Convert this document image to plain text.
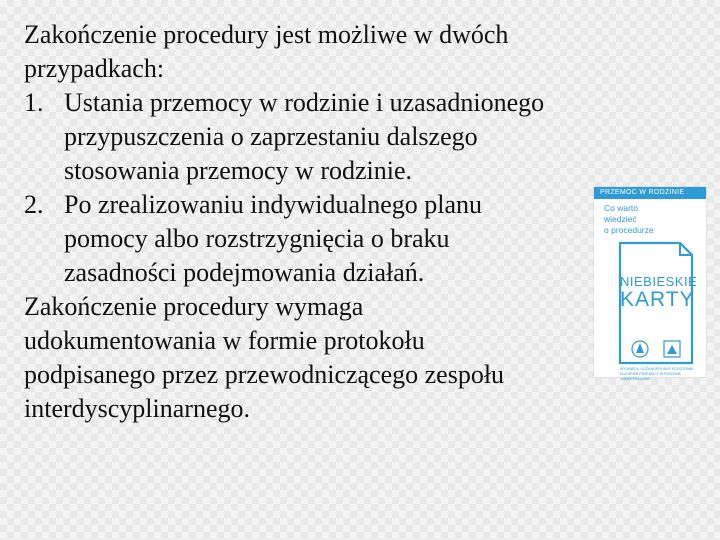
Zakończenie procedury jest możliwe w dwóch

przypadkach:

1. Ustania przemocy w rodzinie i uzasadnionego
przypuszczenia o zaprzestaniu dalszego
stosowania przemocy w rodzinie.
2. Po zrealizowaniu indywidualnego planu
pomocy albo rozstrzygnięcia o braku
zasadności podejmowania działań.

Zakończenie procedury wymaga

udokumentowania w formie protokołu

podpisanego przez przewodniczącego zespołu

interdyscyplinarnego.

PRZEMOC W RODZINIE
Co warto
wiedzieć
o procedurze
NIEBIESKIE
KARTY
WYDAWCA: OGÓLNOPOLSKIE POGOTOWIE DLA OFIAR PRZEMOCY W RODZINIE „NIEBIESKA LINIA”
